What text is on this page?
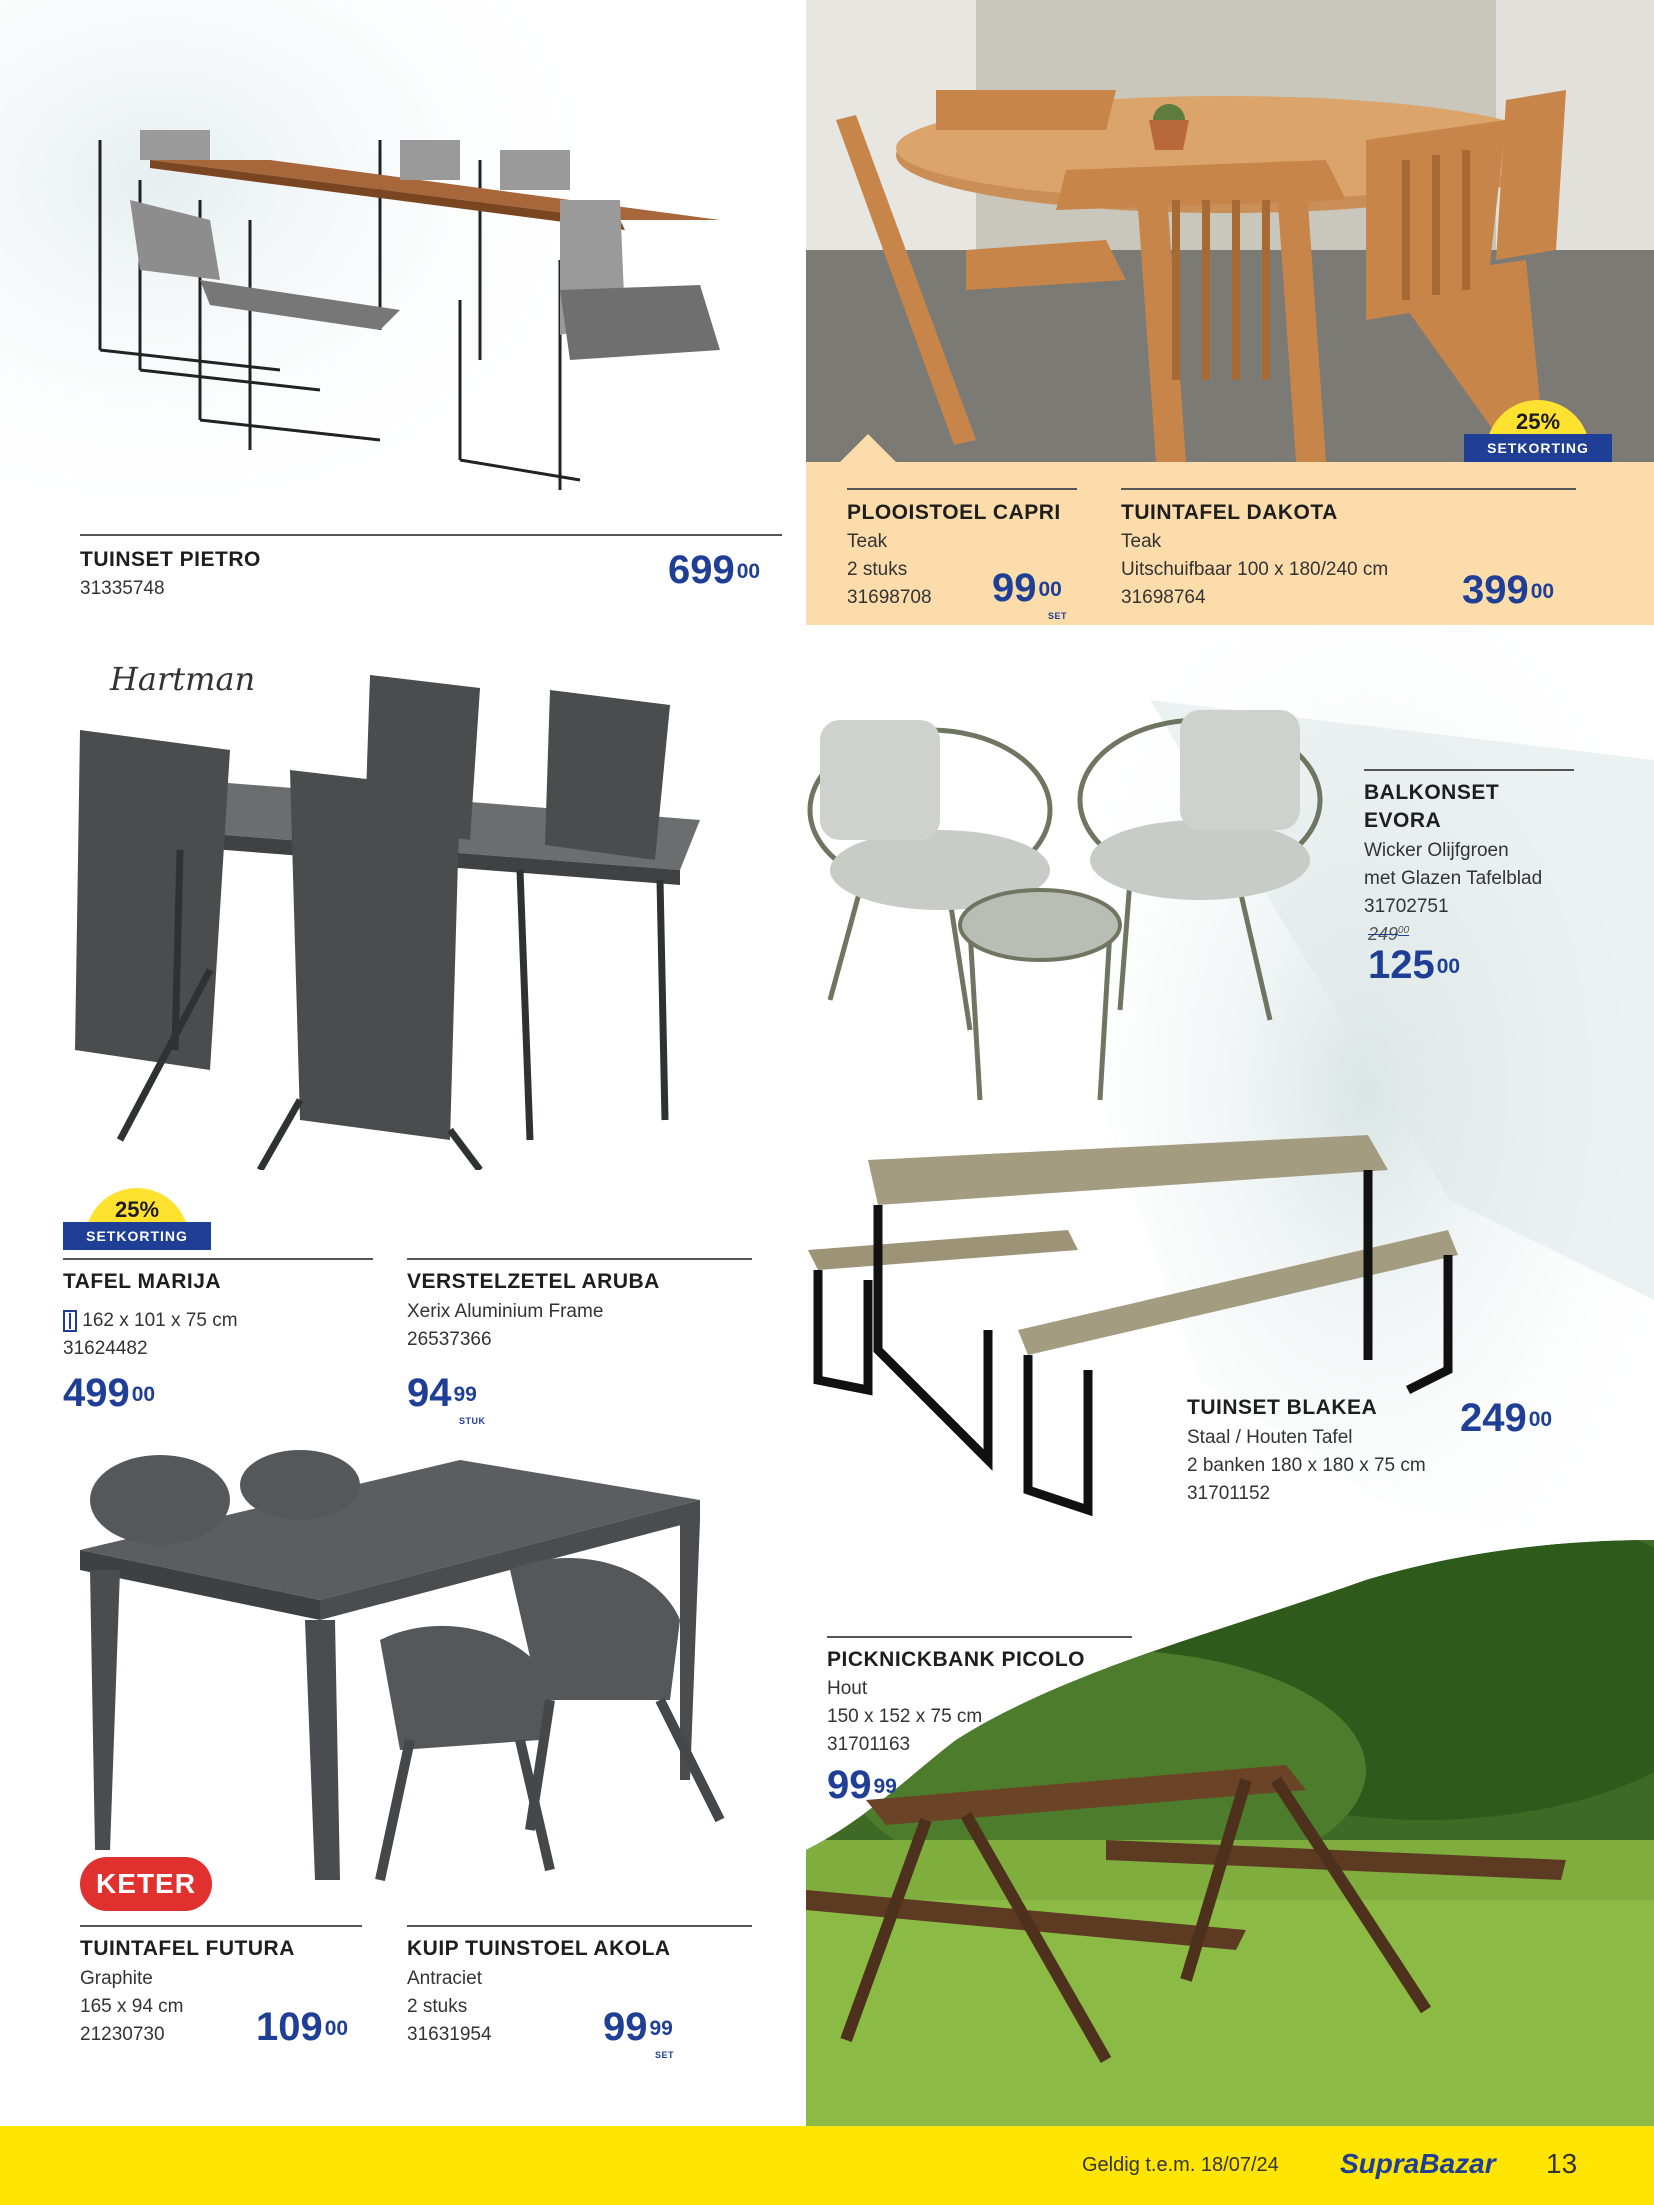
TUINSET PIETRO
31335748	$699^{00}$
25%
SETKORTING
PLOOISTOEL CAPRI
Teak
2 stuks
31698708 $99^{00}$
SET
TUINTAFEL DAKOTA
Teak
Uitschuifbaar 100 x 180/240 cm
31698764	$399^{00}$
Hartman
25%
SETKORTING
TAFEL MARIJA
162 x 101 x 75 cm
31624482
$499^{00}$
VERSTELZETEL ARUBA
Xerix Aluminium Frame
26537366
$94^{99}$
STUK
BALKONSET
EVORA
Wicker Olijfgroen
met Glazen Tafelblad
31702751
$249^{00}$
$125^{00}$
TUINSET BLAKEA
Staal / Houten Tafel
2 banken 180 x 180 x 75 cm
31701152
$249^{00}$
PICKNICKBANK PICOLO
Hout
150 x 152 x 75 cm
31701163
$99^{99}$
KETER
TUINTAFEL FUTURA
Graphite
165 x 94 cm
21230730 $109^{00}$
KUIP TUINSTOEL AKOLA
Antraciet
2 stuks
31631954	$99^{99}$
SET
Geldig t.e.m. 18/07/24 SupraBazar 13
